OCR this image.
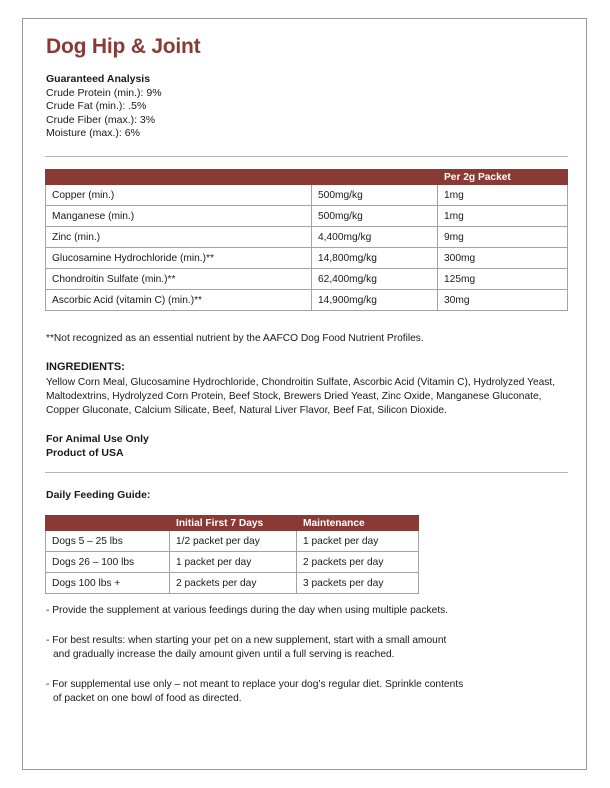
Dog Hip & Joint
Guaranteed Analysis
Crude Protein (min.): 9%
Crude Fat (min.): .5%
Crude Fiber (max.): 3%
Moisture (max.): 6%
		Per 2g Packet
Copper (min.)	500mg/kg	1mg
Manganese (min.)	500mg/kg	1mg
Zinc (min.)	4,400mg/kg	9mg
Glucosamine Hydrochloride (min.)**	14,800mg/kg	300mg
Chondroitin Sulfate (min.)**	62,400mg/kg	125mg
Ascorbic Acid (vitamin C) (min.)**	14,900mg/kg	30mg
**Not recognized as an essential nutrient by the AAFCO Dog Food Nutrient Profiles.
INGREDIENTS:
Yellow Corn Meal, Glucosamine Hydrochloride, Chondroitin Sulfate, Ascorbic Acid (Vitamin C), Hydrolyzed Yeast, Maltodextrins, Hydrolyzed Corn Protein, Beef Stock, Brewers Dried Yeast, Zinc Oxide, Manganese Gluconate, Copper Gluconate, Calcium Silicate, Beef, Natural Liver Flavor, Beef Fat, Silicon Dioxide.
For Animal Use Only
Product of USA
Daily Feeding Guide:
	Initial First 7 Days	Maintenance
Dogs 5 – 25 lbs	1/2 packet per day	1 packet per day
Dogs 26 – 100 lbs	1 packet per day	2 packets per day
Dogs 100 lbs +	2 packets per day	3 packets per day
- Provide the supplement at various feedings during the day when using multiple packets.
- For best results: when starting your pet on a new supplement, start with a small amount
and gradually increase the daily amount given until a full serving is reached.
- For supplemental use only – not meant to replace your dog’s regular diet. Sprinkle contents
of packet on one bowl of food as directed.
